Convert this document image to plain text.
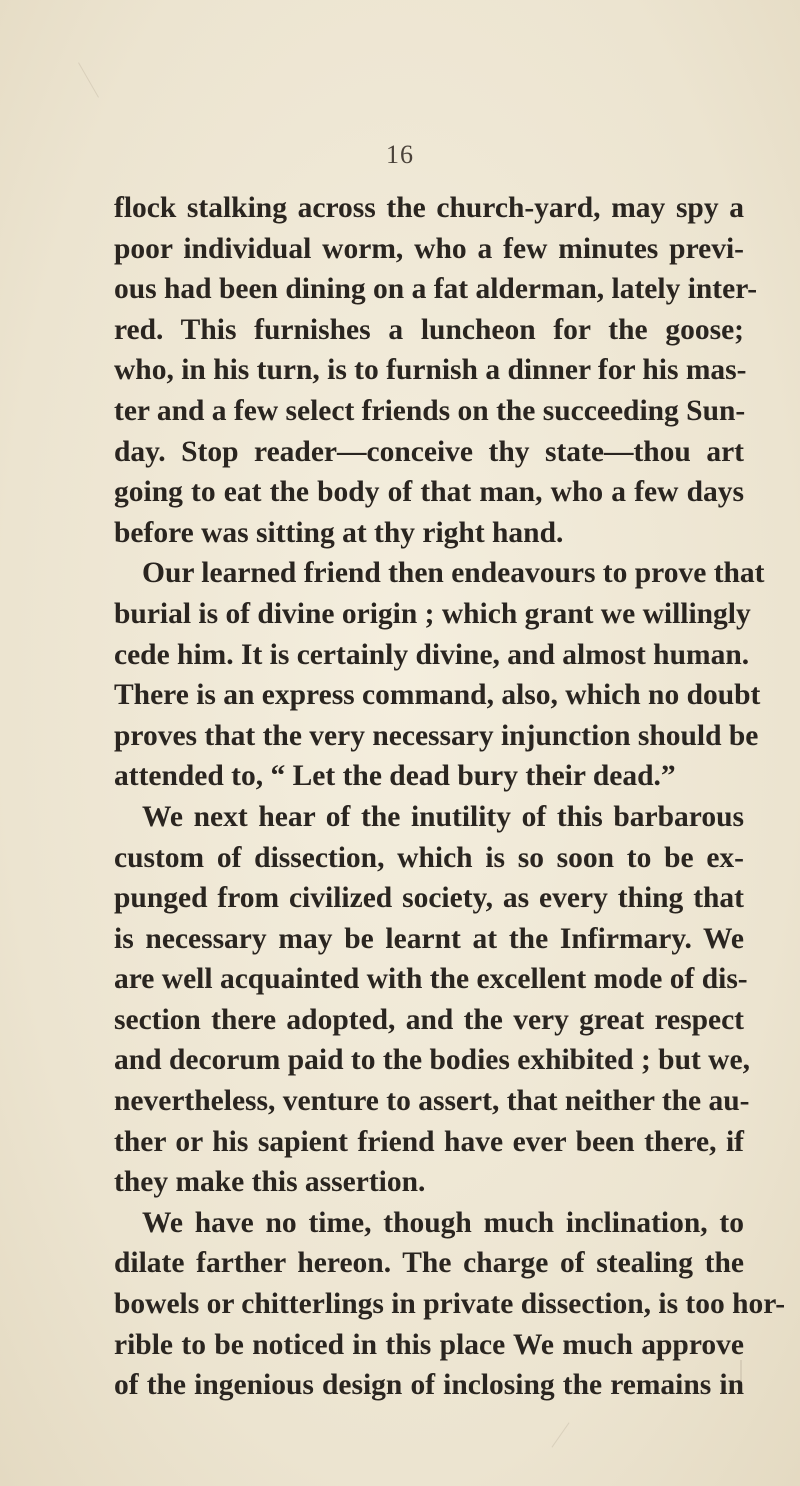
16
flock stalking across the church-yard, may spy a
poor individual worm, who a few minutes previ-
ous had been dining on a fat alderman, lately inter-
red. This furnishes a luncheon for the goose;
who, in his turn, is to furnish a dinner for his mas-
ter and a few select friends on the succeeding Sun-
day. Stop reader—conceive thy state—thou art
going to eat the body of that man, who a few days
before was sitting at thy right hand.
Our learned friend then endeavours to prove that
burial is of divine origin ; which grant we willingly
cede him. It is certainly divine, and almost human.
There is an express command, also, which no doubt
proves that the very necessary injunction should be
attended to, “ Let the dead bury their dead.”
We next hear of the inutility of this barbarous
custom of dissection, which is so soon to be ex-
punged from civilized society, as every thing that
is necessary may be learnt at the Infirmary. We
are well acquainted with the excellent mode of dis-
section there adopted, and the very great respect
and decorum paid to the bodies exhibited ; but we,
nevertheless, venture to assert, that neither the au-
ther or his sapient friend have ever been there, if
they make this assertion.
We have no time, though much inclination, to
dilate farther hereon. The charge of stealing the
bowels or chitterlings in private dissection, is too hor-
rible to be noticed in this place We much approve
of the ingenious design of inclosing the remains in
